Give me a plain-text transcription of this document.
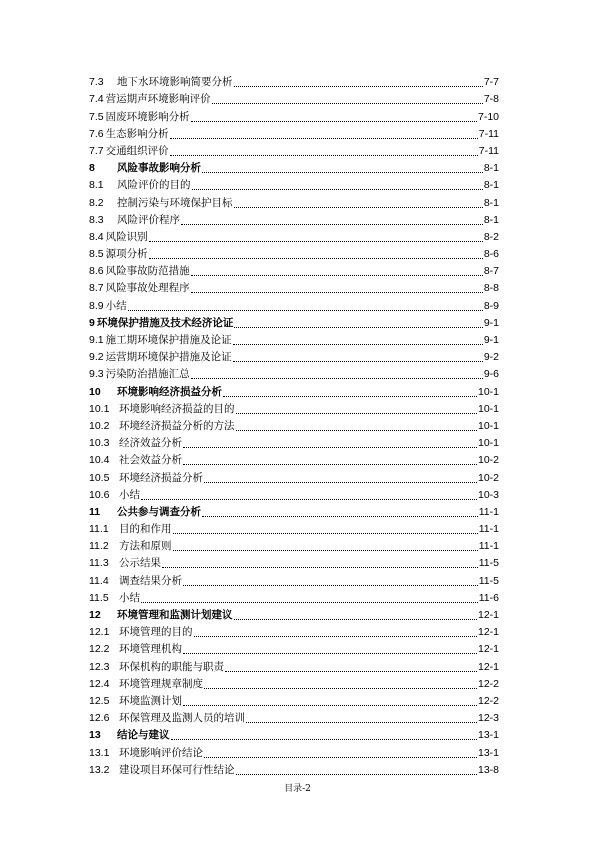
7.3	地下水环境影响简要分析	7-7
7.4 营运期声环境影响评价	7-8
7.5 固废环境影响分析	7-10
7.6 生态影响分析	7-11
7.7 交通组织评价	7-11
8	风险事故影响分析	8-1
8.1	风险评价的目的	8-1
8.2	控制污染与环境保护目标	8-1
8.3	风险评价程序	8-1
8.4 风险识别	8-2
8.5 源项分析	8-6
8.6 风险事故防范措施	8-7
8.7 风险事故处理程序	8-8
8.9 小结	8-9
9 环境保护措施及技术经济论证	9-1
9.1 施工期环境保护措施及论证	9-1
9.2 运营期环境保护措施及论证	9-2
9.3 污染防治措施汇总	9-6
10	环境影响经济损益分析	10-1
10.1 环境影响经济损益的目的	10-1
10.2 环境经济损益分析的方法	10-1
10.3 经济效益分析	10-1
10.4 社会效益分析	10-2
10.5 环境经济损益分析	10-2
10.6 小结	10-3
11	公共参与调查分析	11-1
11.1 目的和作用	11-1
11.2 方法和原则	11-1
11.3 公示结果	11-5
11.4 调查结果分析	11-5
11.5 小结	11-6
12	环境管理和监测计划建议	12-1
12.1 环境管理的目的	12-1
12.2 环境管理机构	12-1
12.3 环保机构的职能与职责	12-1
12.4 环境管理规章制度	12-2
12.5 环境监测计划	12-2
12.6 环保管理及监测人员的培训	12-3
13	结论与建议	13-1
13.1 环境影响评价结论	13-1
13.2 建设项目环保可行性结论	13-8
目录-2
